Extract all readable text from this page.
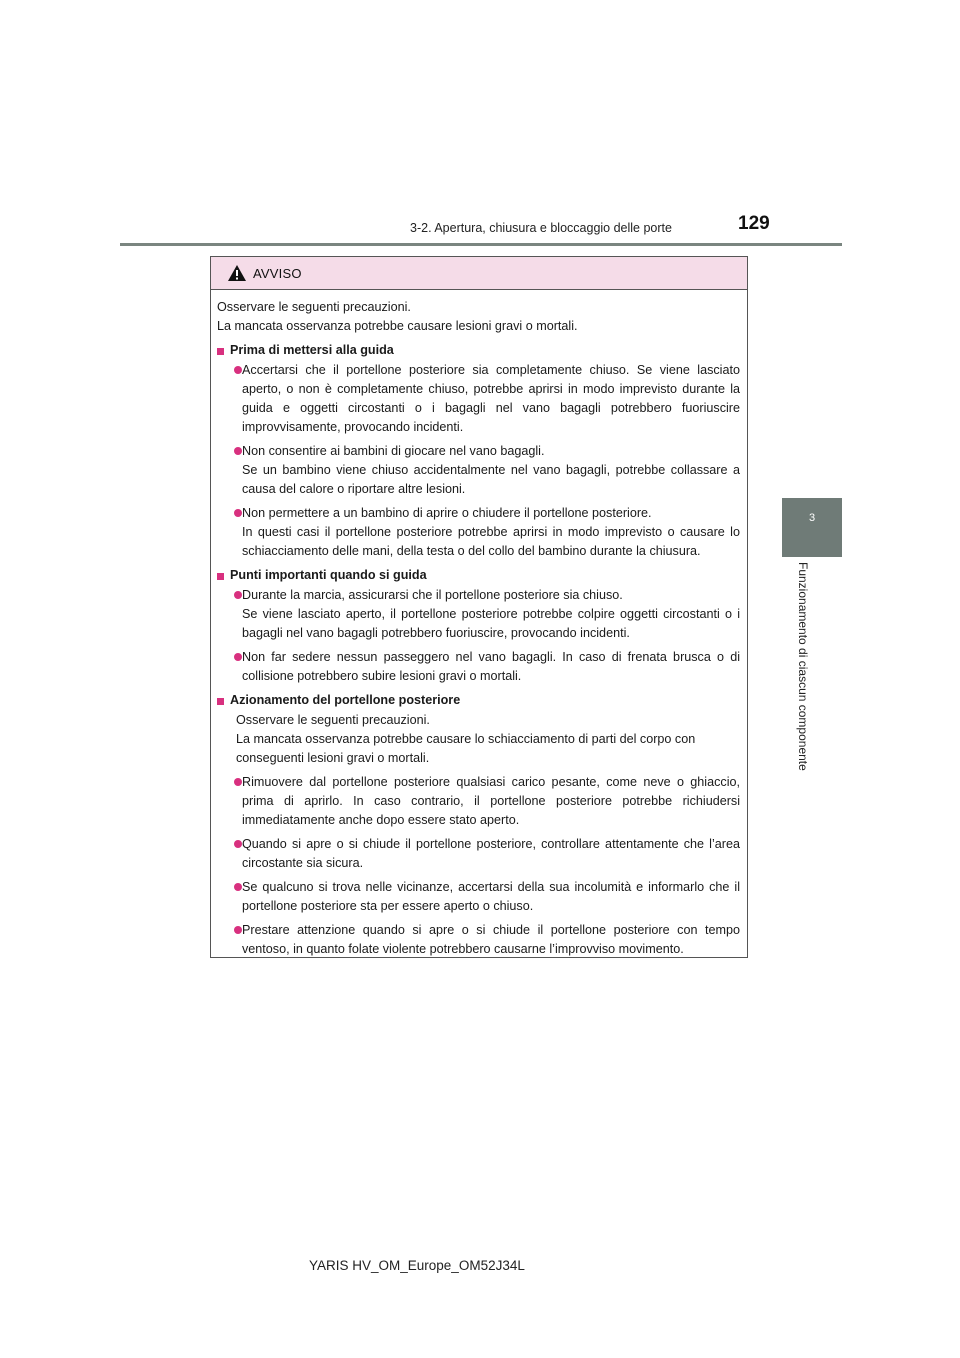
3-2. Apertura, chiusura e bloccaggio delle porte	129
3
Funzionamento di ciascun componente
AVVISO
Osservare le seguenti precauzioni.
La mancata osservanza potrebbe causare lesioni gravi o mortali.
Prima di mettersi alla guida
Accertarsi che il portellone posteriore sia completamente chiuso. Se viene lasciato aperto, o non è completamente chiuso, potrebbe aprirsi in modo imprevisto durante la guida e oggetti circostanti o i bagagli nel vano bagagli potrebbero fuoriuscire improvvisamente, provocando incidenti.
Non consentire ai bambini di giocare nel vano bagagli.
Se un bambino viene chiuso accidentalmente nel vano bagagli, potrebbe collassare a causa del calore o riportare altre lesioni.
Non permettere a un bambino di aprire o chiudere il portellone posteriore.
In questi casi il portellone posteriore potrebbe aprirsi in modo imprevisto o causare lo schiacciamento delle mani, della testa o del collo del bambino durante la chiusura.
Punti importanti quando si guida
Durante la marcia, assicurarsi che il portellone posteriore sia chiuso.
Se viene lasciato aperto, il portellone posteriore potrebbe colpire oggetti circostanti o i bagagli nel vano bagagli potrebbero fuoriuscire, provocando incidenti.
Non far sedere nessun passeggero nel vano bagagli. In caso di frenata brusca o di collisione potrebbero subire lesioni gravi o mortali.
Azionamento del portellone posteriore
Osservare le seguenti precauzioni.
La mancata osservanza potrebbe causare lo schiacciamento di parti del corpo con
conseguenti lesioni gravi o mortali.
Rimuovere dal portellone posteriore qualsiasi carico pesante, come neve o ghiaccio, prima di aprirlo. In caso contrario, il portellone posteriore potrebbe richiudersi immediatamente anche dopo essere stato aperto.
Quando si apre o si chiude il portellone posteriore, controllare attentamente che l’area circostante sia sicura.
Se qualcuno si trova nelle vicinanze, accertarsi della sua incolumità e informarlo che il portellone posteriore sta per essere aperto o chiuso.
Prestare attenzione quando si apre o si chiude il portellone posteriore con tempo ventoso, in quanto folate violente potrebbero causarne l’improvviso movimento.
YARIS HV_OM_Europe_OM52J34L
